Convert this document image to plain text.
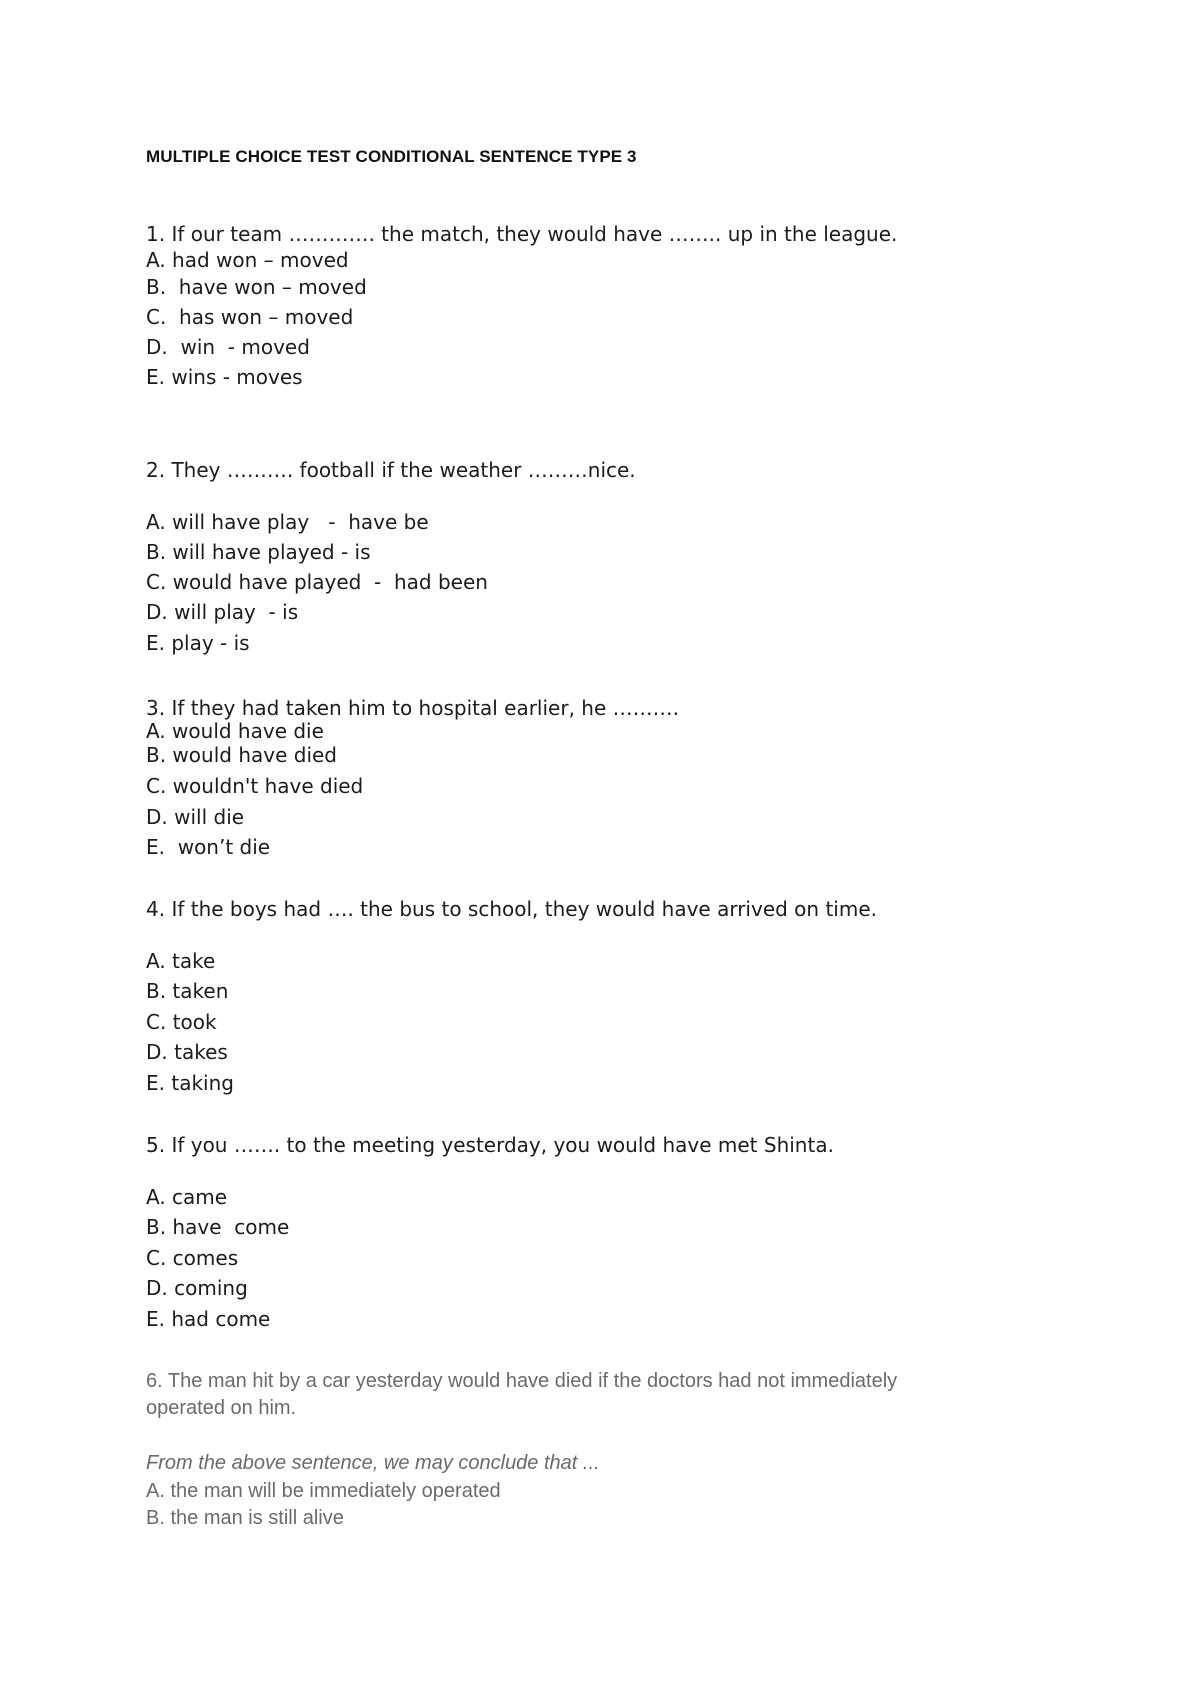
MULTIPLE CHOICE TEST CONDITIONAL SENTENCE TYPE 3
1. If our team …………. the match, they would have …….. up in the league.
A. had won – moved
B.  have won – moved
C.  has won – moved
D.  win  - moved
E. wins - moves
2. They ………. football if the weather ………nice.
A. will have play   -  have be
B. will have played - is
C. would have played  -  had been
D. will play  - is
E. play - is
3. If they had taken him to hospital earlier, he ……….
A. would have die
B. would have died
C. wouldn't have died
D. will die
E.  won’t die
4. If the boys had …. the bus to school, they would have arrived on time.
A. take
B. taken
C. took
D. takes
E. taking
5. If you ……. to the meeting yesterday, you would have met Shinta.
A. came
B. have  come
C. comes
D. coming
E. had come
6. The man hit by a car yesterday would have died if the doctors had not immediately
operated on him.
From the above sentence, we may conclude that ...
A. the man will be immediately operated
B. the man is still alive
